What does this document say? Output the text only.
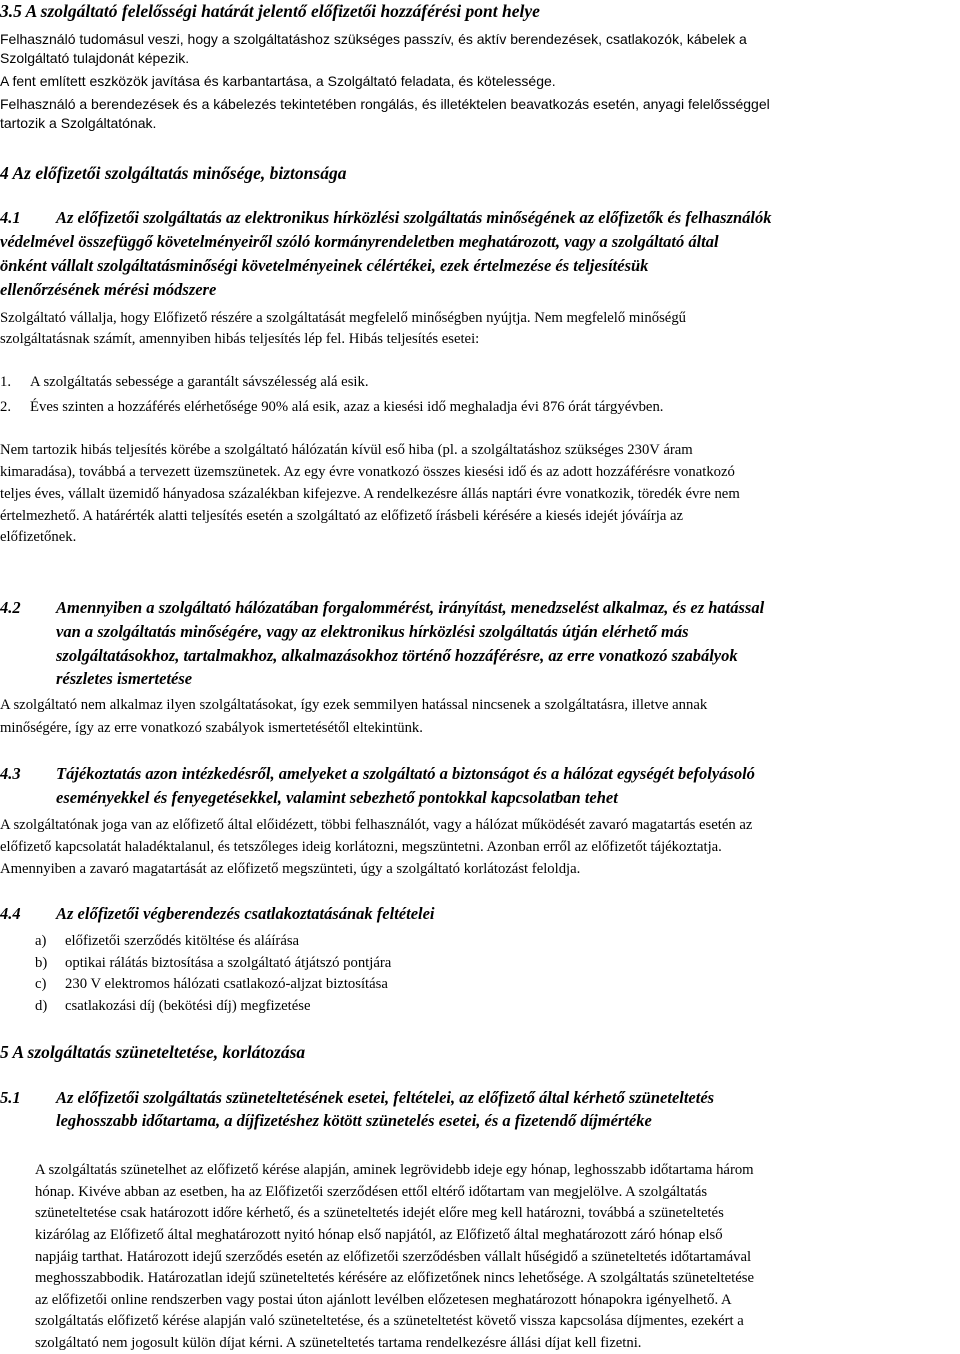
3.5 A szolgáltató felelősségi határát jelentő előfizetői hozzáférési pont helye
Felhasználó tudomásul veszi, hogy a szolgáltatáshoz szükséges passzív, és aktív berendezések, csatlakozók, kábelek a
Szolgáltató tulajdonát képezik.
A fent említett eszközök javítása és karbantartása, a Szolgáltató feladata, és kötelessége.
Felhasználó a berendezések és a kábelezés tekintetében rongálás, és illetéktelen beavatkozás esetén, anyagi felelősséggel
tartozik a Szolgáltatónak.
4 Az előfizetői szolgáltatás minősége, biztonsága
4.1 Az előfizetői szolgáltatás az elektronikus hírközlési szolgáltatás minőségének az előfizetők és felhasználók
védelmével összefüggő követelményeiről szóló kormányrendeletben meghatározott, vagy a szolgáltató által
önként vállalt szolgáltatásminőségi követelményeinek célértékei, ezek értelmezése és teljesítésük
ellenőrzésének mérési módszere
Szolgáltató vállalja, hogy Előfizető részére a szolgáltatását megfelelő minőségben nyújtja. Nem megfelelő minőségű
szolgáltatásnak számít, amennyiben hibás teljesítés lép fel. Hibás teljesítés esetei:
1. A szolgáltatás sebessége a garantált sávszélesség alá esik.
2. Éves szinten a hozzáférés elérhetősége 90% alá esik, azaz a kiesési idő meghaladja évi 876 órát tárgyévben.
Nem tartozik hibás teljesítés körébe a szolgáltató hálózatán kívül eső hiba (pl. a szolgáltatáshoz szükséges 230V áram
kimaradása), továbbá a tervezett üzemszünetek. Az egy évre vonatkozó összes kiesési idő és az adott hozzáférésre vonatkozó
teljes éves, vállalt üzemidő hányadosa százalékban kifejezve. A rendelkezésre állás naptári évre vonatkozik, töredék évre nem
értelmezhető. A határérték alatti teljesítés esetén a szolgáltató az előfizető írásbeli kérésére a kiesés idejét jóváírja az
előfizetőnek.
4.2 Amennyiben a szolgáltató hálózatában forgalommérést, irányítást, menedzselést alkalmaz, és ez hatással
van a szolgáltatás minőségére, vagy az elektronikus hírközlési szolgáltatás útján elérhető más
szolgáltatásokhoz, tartalmakhoz, alkalmazásokhoz történő hozzáférésre, az erre vonatkozó szabályok
részletes ismertetése
A szolgáltató nem alkalmaz ilyen szolgáltatásokat, így ezek semmilyen hatással nincsenek a szolgáltatásra, illetve annak
minőségére, így az erre vonatkozó szabályok ismertetésétől eltekintünk.
4.3 Tájékoztatás azon intézkedésről, amelyeket a szolgáltató a biztonságot és a hálózat egységét befolyásoló
eseményekkel és fenyegetésekkel, valamint sebezhető pontokkal kapcsolatban tehet
A szolgáltatónak joga van az előfizető által előidézett, többi felhasználót, vagy a hálózat működését zavaró magatartás esetén az
előfizető kapcsolatát haladéktalanul, és tetszőleges ideig korlátozni, megszüntetni. Azonban erről az előfizetőt tájékoztatja.
Amennyiben a zavaró magatartását az előfizető megszünteti, úgy a szolgáltató korlátozást feloldja.
4.4 Az előfizetői végberendezés csatlakoztatásának feltételei
a) előfizetői szerződés kitöltése és aláírása
b) optikai rálátás biztosítása a szolgáltató átjátszó pontjára
c) 230 V elektromos hálózati csatlakozó-aljzat biztosítása
d) csatlakozási díj (bekötési díj) megfizetése
5 A szolgáltatás szüneteltetése, korlátozása
5.1 Az előfizetői szolgáltatás szüneteltetésének esetei, feltételei, az előfizető által kérhető szüneteltetés
leghosszabb időtartama, a díjfizetéshez kötött szünetelés esetei, és a fizetendő díjmértéke
A szolgáltatás szünetelhet az előfizető kérése alapján, aminek legrövidebb ideje egy hónap, leghosszabb időtartama három
hónap. Kivéve abban az esetben, ha az Előfizetői szerződésen ettől eltérő időtartam van megjelölve. A szolgáltatás
szüneteltetése csak határozott időre kérhető, és a szüneteltetés idejét előre meg kell határozni, továbbá a szüneteltetés
kizárólag az Előfizető által meghatározott nyitó hónap első napjától, az Előfizető által meghatározott záró hónap első
napjáig tarthat. Határozott idejű szerződés esetén az előfizetői szerződésben vállalt hűségidő a szüneteltetés időtartamával
meghosszabbodik. Határozatlan idejű szüneteltetés kérésére az előfizetőnek nincs lehetősége. A szolgáltatás szüneteltetése
az előfizetői online rendszerben vagy postai úton ajánlott levélben előzetesen meghatározott hónapokra igényelhető. A
szolgáltatás előfizető kérése alapján való szüneteltetése, és a szüneteltetést követő vissza kapcsolása díjmentes, ezekért a
szolgáltató nem jogosult külön díjat kérni. A szüneteltetés tartama rendelkezésre állási díjat kell fizetni.
